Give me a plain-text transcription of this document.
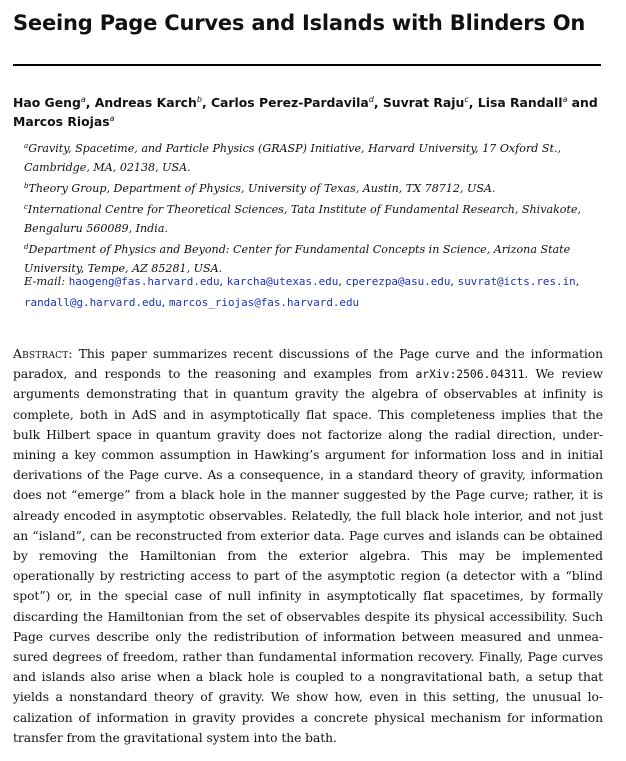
Seeing Page Curves and Islands with Blinders On
Hao Geng$^a$, Andreas Karch$^b$, Carlos Perez-Pardavila$^d$, Suvrat Raju$^c$, Lisa Randall$^a$ and Marcos Riojas$^a$

$^a$Gravity, Spacetime, and Particle Physics (GRASP) Initiative, Harvard University, 17 Oxford St., Cambridge, MA, 02138, USA.

$^b$Theory Group, Department of Physics, University of Texas, Austin, TX 78712, USA.

$^c$International Centre for Theoretical Sciences, Tata Institute of Fundamental Research, Shivakote, Bengaluru 560089, India.

$^d$Department of Physics and Beyond: Center for Fundamental Concepts in Science, Arizona State University, Tempe, AZ 85281, USA.

E-mail: haogeng@fas.harvard.edu, karcha@utexas.edu, cperezpa@asu.edu, suvrat@icts.res.in, randall@g.harvard.edu, marcos_riojas@fas.harvard.edu
Abstract: This paper summarizes recent discussions of the Page curve and the information paradox, and responds to the reasoning and examples from arXiv:2506.04311. We review arguments demonstrating that in quantum gravity the algebra of observables at infinity is complete, both in AdS and in asymptotically flat space. This completeness implies that the bulk Hilbert space in quantum gravity does not factorize along the radial direction, undermining a key common assumption in Hawking’s argument for information loss and in initial derivations of the Page curve. As a consequence, in a standard theory of gravity, information does not “emerge” from a black hole in the manner suggested by the Page curve; rather, it is already encoded in asymptotic observables. Relatedly, the full black hole interior, and not just an “island”, can be reconstructed from exterior data. Page curves and islands can be obtained by removing the Hamiltonian from the exterior algebra. This may be implemented operationally by restricting access to part of the asymptotic region (a detector with a “blind spot”) or, in the special case of null infinity in asymptotically flat spacetimes, by formally discarding the Hamiltonian from the set of observables despite its physical accessibility. Such Page curves describe only the redistribution of information between measured and unmeasured degrees of freedom, rather than fundamental information recovery. Finally, Page curves and islands also arise when a black hole is coupled to a nongravitational bath, a setup that yields a nonstandard theory of gravity. We show how, even in this setting, the unusual localization of information in gravity provides a concrete physical mechanism for information transfer from the gravitational system into the bath.
